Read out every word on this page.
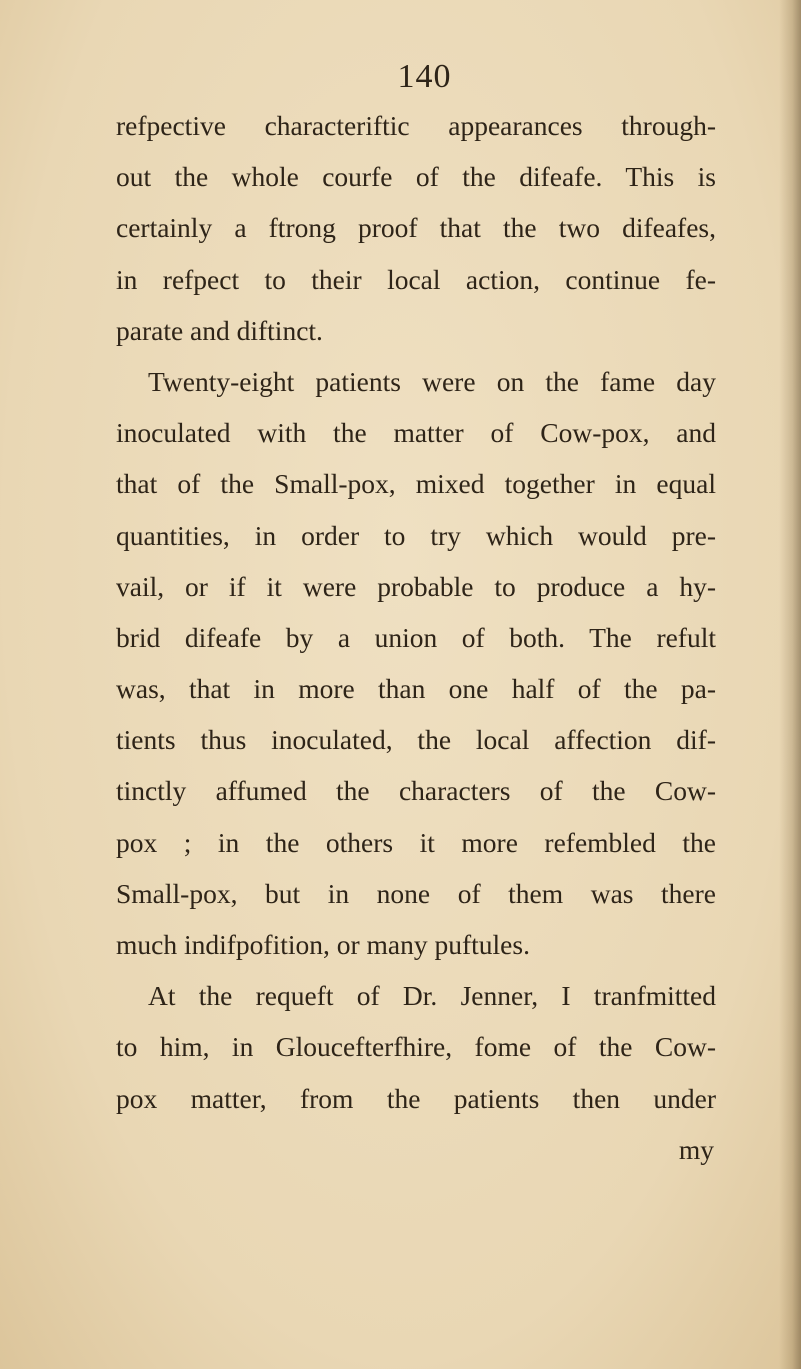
140
refpective characteriftic appearances through-
out the whole courfe of the difeafe. This is
certainly a ftrong proof that the two difeafes,
in refpect to their local action, continue fe-
parate and diftinct.
Twenty-eight patients were on the fame day
inoculated with the matter of Cow-pox, and
that of the Small-pox, mixed together in equal
quantities, in order to try which would pre-
vail, or if it were probable to produce a hy-
brid difeafe by a union of both. The refult
was, that in more than one half of the pa-
tients thus inoculated, the local affection dif-
tinctly affumed the characters of the Cow-
pox ; in the others it more refembled the
Small-pox, but in none of them was there
much indifpofition, or many puftules.
At the requeft of Dr. Jenner, I tranfmitted
to him, in Gloucefterfhire, fome of the Cow-
pox matter, from the patients then under
my
